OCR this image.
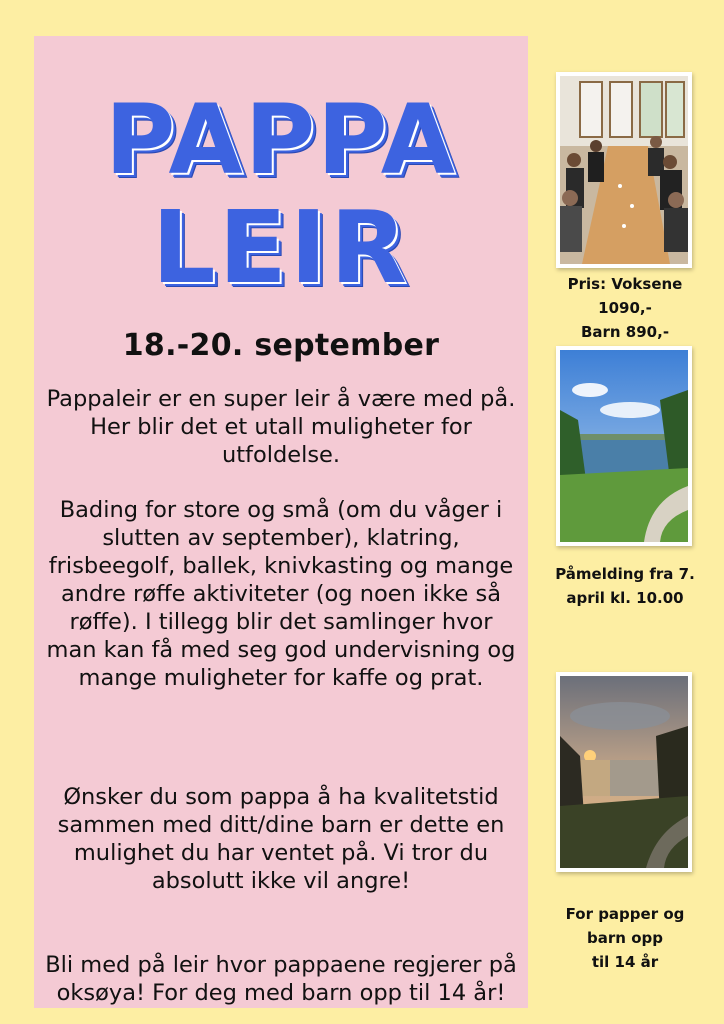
PAPPA
LEIR
18.-20. september
Pappaleir er en super leir å være med på. Her blir det et utall muligheter for utfoldelse.
Bading for store og små (om du våger i slutten av september), klatring, frisbeegolf, ballek, knivkasting og mange andre røffe aktiviteter (og noen ikke så røffe). I tillegg blir det samlinger hvor man kan få med seg god undervisning og mange muligheter for kaffe og prat.
Ønsker du som pappa å ha kvalitetstid sammen med ditt/dine barn er dette en mulighet du har ventet på. Vi tror du absolutt ikke vil angre!
Bli med på leir hvor pappaene regjerer på oksøya! For deg med barn opp til 14 år!
Pris: Voksene
1090,-
Barn 890,-
Påmelding fra 7.
april kl. 10.00
For papper og
barn opp
til 14 år
